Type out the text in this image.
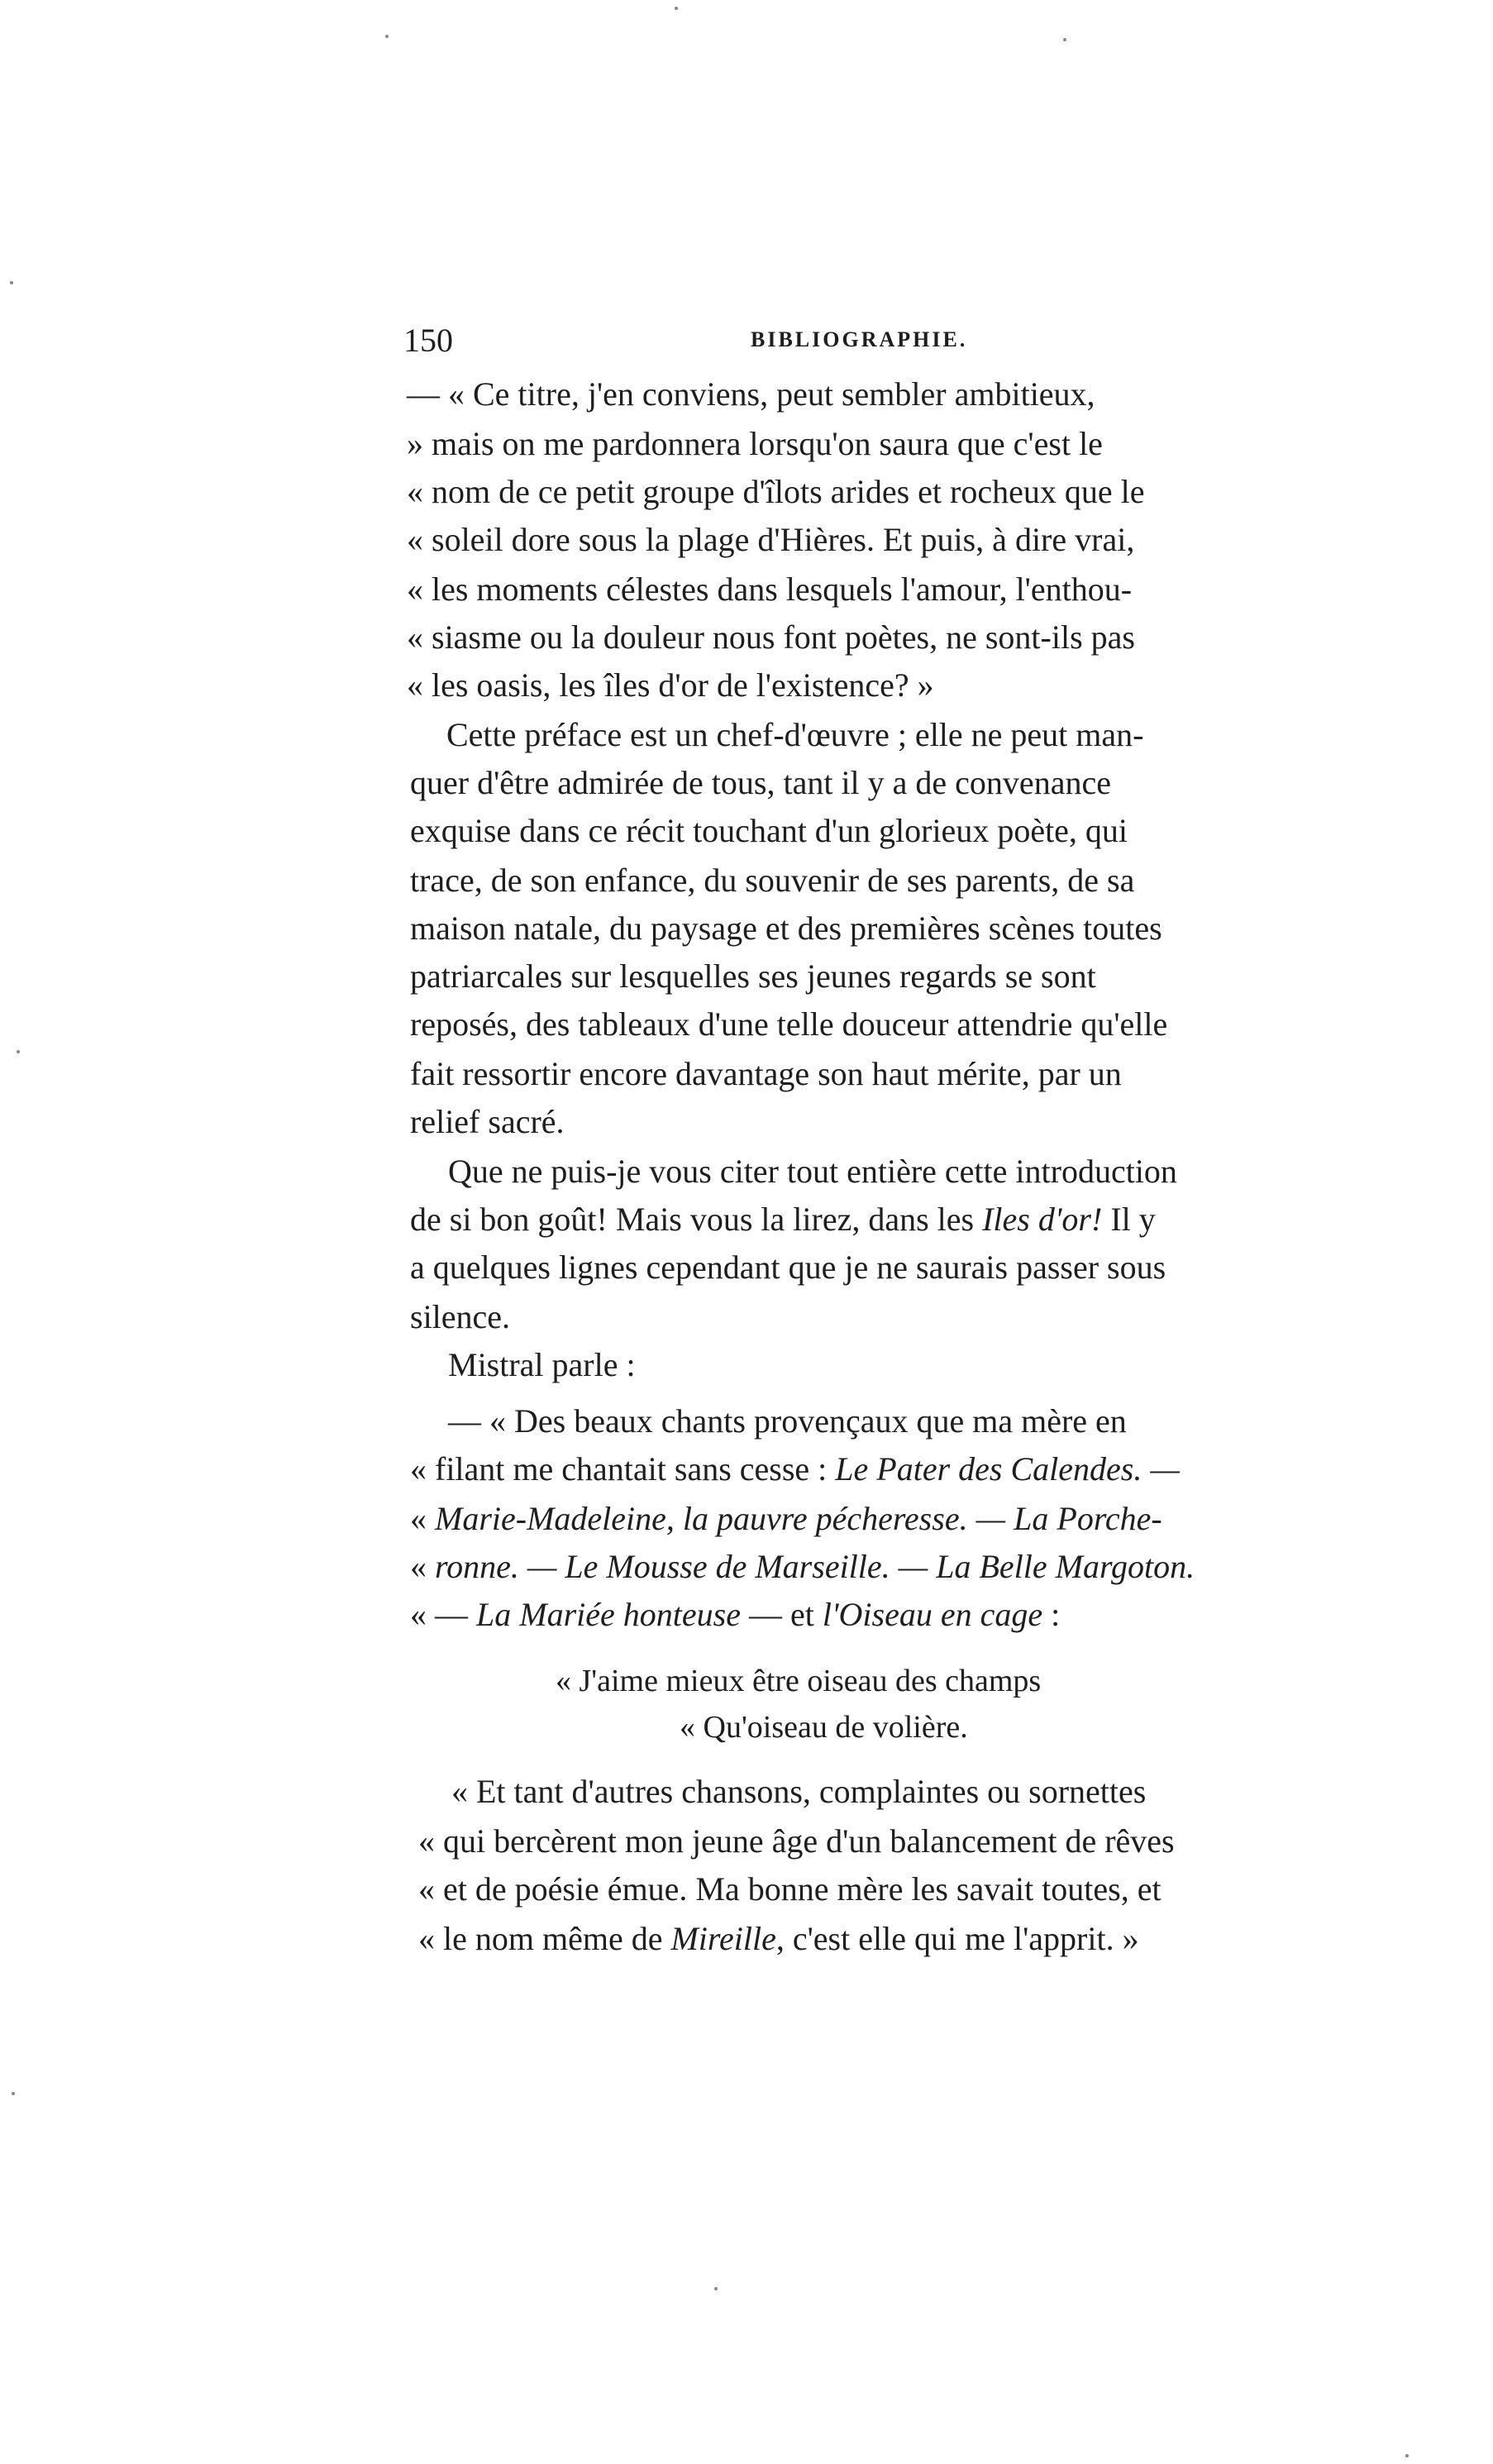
150	BIBLIOGRAPHIE.
— « Ce titre, j'en conviens, peut sembler ambitieux,
» mais on me pardonnera lorsqu'on saura que c'est le
« nom de ce petit groupe d'îlots arides et rocheux que le
« soleil dore sous la plage d'Hières. Et puis, à dire vrai,
« les moments célestes dans lesquels l'amour, l'enthou-
« siasme ou la douleur nous font poètes, ne sont-ils pas
« les oasis, les îles d'or de l'existence? »
Cette préface est un chef-d'œuvre ; elle ne peut man-
quer d'être admirée de tous, tant il y a de convenance
exquise dans ce récit touchant d'un glorieux poète, qui
trace, de son enfance, du souvenir de ses parents, de sa
maison natale, du paysage et des premières scènes toutes
patriarcales sur lesquelles ses jeunes regards se sont
reposés, des tableaux d'une telle douceur attendrie qu'elle
fait ressortir encore davantage son haut mérite, par un
relief sacré.
Que ne puis-je vous citer tout entière cette introduction
de si bon goût! Mais vous la lirez, dans les Iles d'or! Il y
a quelques lignes cependant que je ne saurais passer sous
silence.
Mistral parle :
— « Des beaux chants provençaux que ma mère en
« filant me chantait sans cesse : Le Pater des Calendes. —
« Marie-Madeleine, la pauvre pécheresse. — La Porche-
« ronne. — Le Mousse de Marseille. — La Belle Margoton.
« — La Mariée honteuse — et l'Oiseau en cage :
« J'aime mieux être oiseau des champs
« Qu'oiseau de volière.
« Et tant d'autres chansons, complaintes ou sornettes
« qui bercèrent mon jeune âge d'un balancement de rêves
« et de poésie émue. Ma bonne mère les savait toutes, et
« le nom même de Mireille, c'est elle qui me l'apprit. »
